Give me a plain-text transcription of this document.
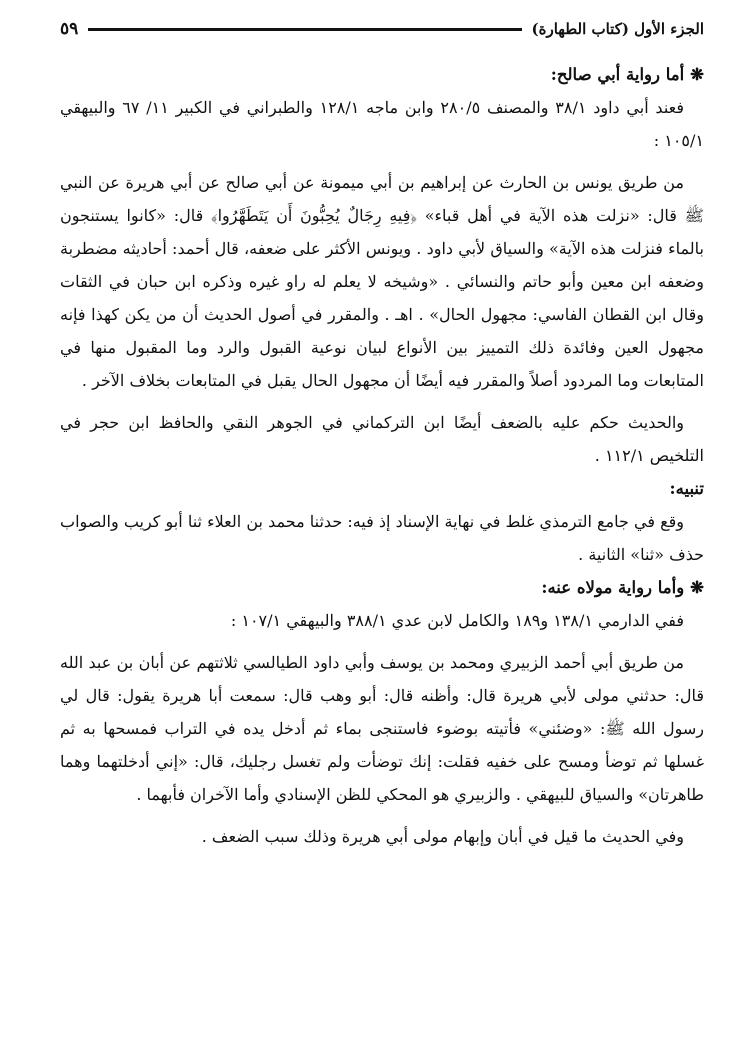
الجزء الأول (كتاب الطهارة)
٥٩
❋أما رواية أبي صالح:

فعند أبي داود ٣٨/١ والمصنف ٢٨٠/٥ وابن ماجه ١٢٨/١ والطبراني في الكبير ١١/ ٦٧ والبيهقي ١٠٥/١ :

من طريق يونس بن الحارث عن إبراهيم بن أبي ميمونة عن أبي صالح عن أبي هريرة عن النبي ﷺ قال: «نزلت هذه الآية في أهل قباء» ﴿فِيهِ رِجَالٌ يُحِبُّونَ أَن يَتَطَهَّرُوا﴾ قال: «كانوا يستنجون بالماء فنزلت هذه الآية» والسياق لأبي داود . ويونس الأكثر على ضعفه، قال أحمد: أحاديثه مضطربة وضعفه ابن معين وأبو حاتم والنسائي . «وشيخه لا يعلم له راو غيره وذكره ابن حبان في الثقات وقال ابن القطان الفاسي: مجهول الحال» . اهـ . والمقرر في أصول الحديث أن من يكن كهذا فإنه مجهول العين وفائدة ذلك التمييز بين الأنواع لبيان نوعية القبول والرد وما المقبول منها في المتابعات وما المردود أصلاً والمقرر فيه أيضًا أن مجهول الحال يقبل في المتابعات بخلاف الآخر .

والحديث حكم عليه بالضعف أيضًا ابن التركماني في الجوهر النقي والحافظ ابن حجر في التلخيص ١١٢/١ .

تنبيه:

وقع في جامع الترمذي غلط في نهاية الإسناد إذ فيه: حدثنا محمد بن العلاء ثنا أبو كريب والصواب حذف «ثنا» الثانية .

❋وأما رواية مولاه عنه:

ففي الدارمي ١٣٨/١ و١٨٩ والكامل لابن عدي ٣٨٨/١ والبيهقي ١٠٧/١ :

من طريق أبي أحمد الزبيري ومحمد بن يوسف وأبي داود الطيالسي ثلاثتهم عن أبان بن عبد الله قال: حدثني مولى لأبي هريرة قال: وأظنه قال: أبو وهب قال: سمعت أبا هريرة يقول: قال لي رسول الله ﷺ: «وضئني» فأتيته بوضوء فاستنجى بماء ثم أدخل يده في التراب فمسحها به ثم غسلها ثم توضأ ومسح على خفيه فقلت: إنك توضأت ولم تغسل رجليك، قال: «إني أدخلتهما وهما طاهرتان» والسياق للبيهقي . والزبيري هو المحكي للظن الإسنادي وأما الآخران فأبهما .

وفي الحديث ما قيل في أبان وإبهام مولى أبي هريرة وذلك سبب الضعف .
